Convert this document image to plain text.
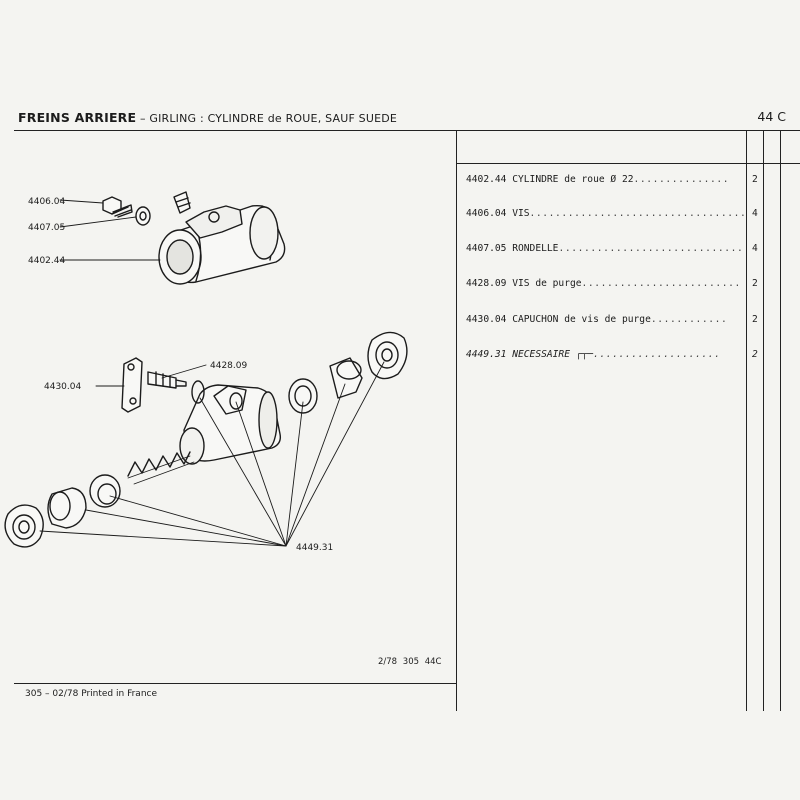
FREINS ARRIERE – GIRLING : CYLINDRE de ROUE, SAUF SUEDE	44 C
4402.44 CYLINDRE de roue Ø 22............... 2
4406.04 VIS.................................. 4
4407.05 RONDELLE............................. 4
4428.09 VIS de purge......................... 2
4430.04 CAPUCHON de vis de purge............	2
4449.31 NECESSAIRE ┌┬─....................	2
4406.04
4407.05
4402.44
4428.09
4430.04
4449.31
2/78 305 44C
305 – 02/78 Printed in France
